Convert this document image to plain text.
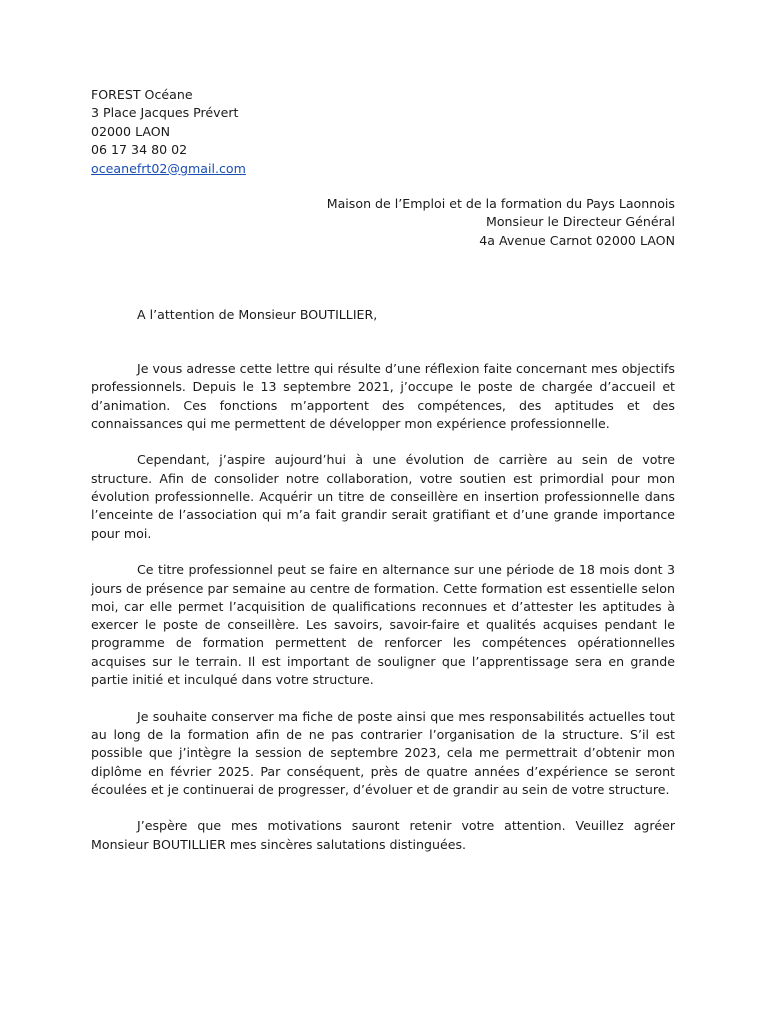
FOREST Océane
3 Place Jacques Prévert
02000 LAON
06 17 34 80 02
oceanefrt02@gmail.com
Maison de l’Emploi et de la formation du Pays Laonnois
Monsieur le Directeur Général
4a Avenue Carnot 02000 LAON
A l’attention de Monsieur BOUTILLIER,

Je vous adresse cette lettre qui résulte d’une réflexion faite concernant mes objectifs professionnels. Depuis le 13 septembre 2021, j’occupe le poste de chargée d’accueil et d’animation. Ces fonctions m’apportent des compétences, des aptitudes et des connaissances qui me permettent de développer mon expérience professionnelle.

Cependant, j’aspire aujourd’hui à une évolution de carrière au sein de votre structure. Afin de consolider notre collaboration, votre soutien est primordial pour mon évolution professionnelle. Acquérir un titre de conseillère en insertion professionnelle dans l’enceinte de l’association qui m’a fait grandir serait gratifiant et d’une grande importance pour moi.

Ce titre professionnel peut se faire en alternance sur une période de 18 mois dont 3 jours de présence par semaine au centre de formation. Cette formation est essentielle selon moi, car elle permet l’acquisition de qualifications reconnues et d’attester les aptitudes à exercer le poste de conseillère. Les savoirs, savoir-faire et qualités acquises pendant le programme de formation permettent de renforcer les compétences opérationnelles acquises sur le terrain. Il est important de souligner que l’apprentissage sera en grande partie initié et inculqué dans votre structure.

Je souhaite conserver ma fiche de poste ainsi que mes responsabilités actuelles tout au long de la formation afin de ne pas contrarier l’organisation de la structure. S’il est possible que j’intègre la session de septembre 2023, cela me permettrait d’obtenir mon diplôme en février 2025. Par conséquent, près de quatre années d’expérience se seront écoulées et je continuerai de progresser, d’évoluer et de grandir au sein de votre structure.

J’espère que mes motivations sauront retenir votre attention. Veuillez agréer Monsieur BOUTILLIER mes sincères salutations distinguées.
